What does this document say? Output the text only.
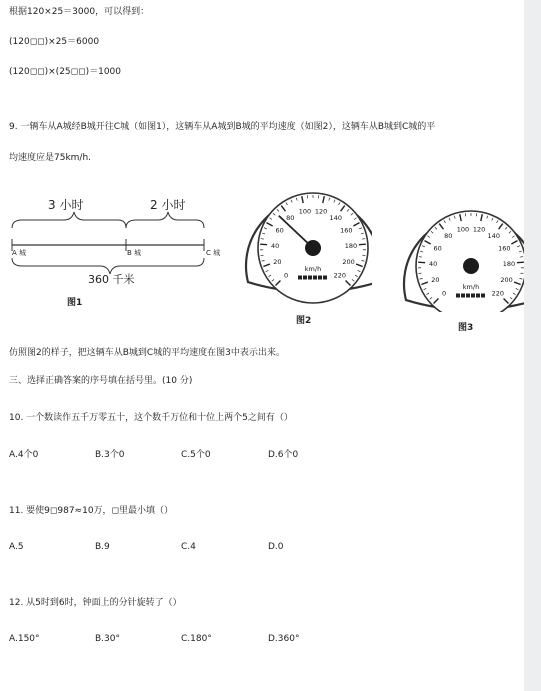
根据120×25＝3000，可以得到：
(120◻◻)×25＝6000
(120◻◻)×(25◻◻)＝1000
9. 一辆车从A城经B城开往C城（如图1），这辆车从A城到B城的平均速度（如图2），这辆车从B城到C城的平
均速度应是75km/h.
3 小时	2 小时
A 城	B 城	C 城
360 千米
图1
0
20
40
60
80
100 120
140
160
180
200
220
km/h
图2
0
20
40
60
80
100 120
140
160
180
200
220
km/h
图3
仿照图2的样子，把这辆车从B城到C城的平均速度在图3中表示出来。
三、选择正确答案的序号填在括号里。(10 分)
10. 一个数读作五千万零五十，这个数千万位和十位上两个5之间有（）
A.4个0	B.3个0	C.5个0	D.6个0
11. 要使9◻987≈10万，◻里最小填（）
A.5	B.9	C.4	D.0
12. 从5时到6时，钟面上的分针旋转了（）
A.150°	B.30°	C.180°	D.360°
